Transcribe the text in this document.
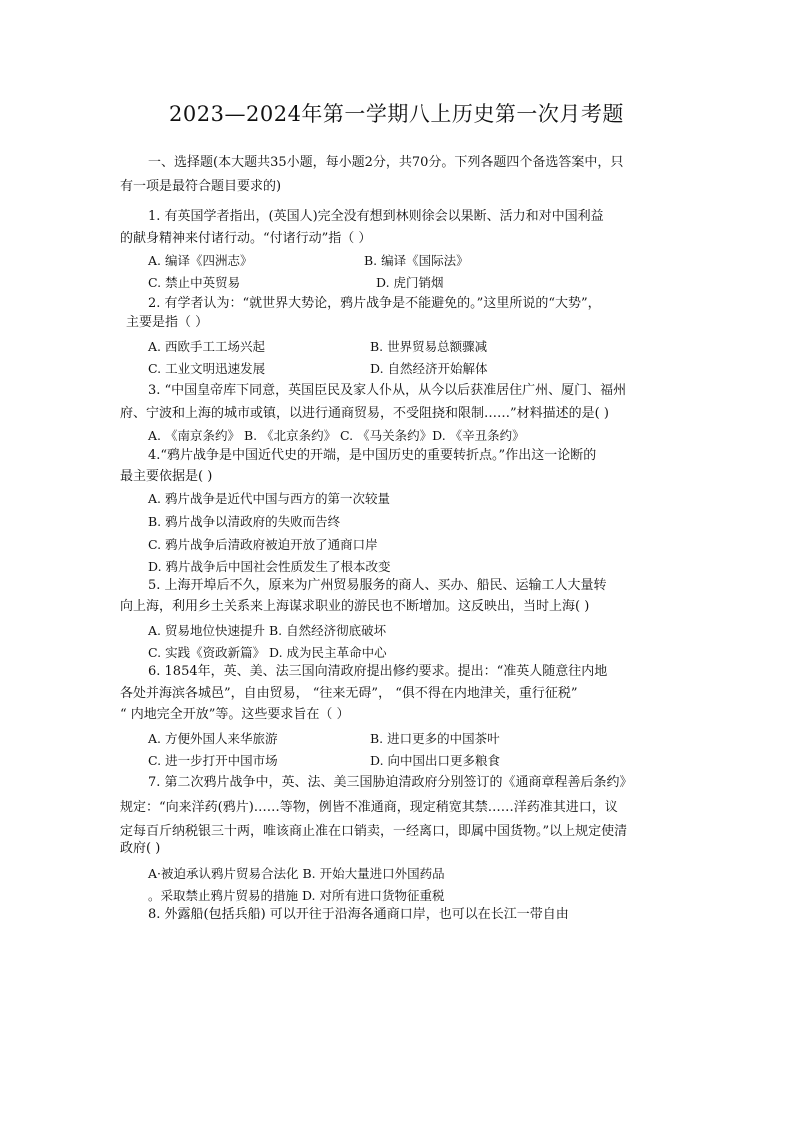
2023—2024年第一学期八上历史第一次月考题
一、选择题(本大题共35小题，每小题2分，共70分。下列各题四个备选答案中，只
有一项是最符合题目要求的)
1. 有英国学者指出，(英国人)完全没有想到林则徐会以果断、活力和对中国利益
的献身精神来付诸行动。“付诸行动”指（ ）
A. 编译《四洲志》	B. 编译《国际法》
C. 禁止中英贸易	D. 虎门销烟
2. 有学者认为：“就世界大势论，鸦片战争是不能避免的。”这里所说的“大势”，
主要是指（ ）
A. 西欧手工工场兴起	B. 世界贸易总额骤减
C. 工业文明迅速发展	D. 自然经济开始解体
3. “中国皇帝库下同意，英国臣民及家人仆从，从今以后获准居住广州、厦门、福州
府、宁波和上海的城市或镇，以进行通商贸易，不受阻挠和限制……”材料描述的是( )
A. 《南京条约》 B. 《北京条约》 C. 《马关条约》D. 《辛丑条约》
4.“鸦片战争是中国近代史的开端，是中国历史的重要转折点。”作出这一论断的
最主要依据是( )
A. 鸦片战争是近代中国与西方的第一次较量
B. 鸦片战争以清政府的失败而告终
C. 鸦片战争后清政府被迫开放了通商口岸
D. 鸦片战争后中国社会性质发生了根本改变
5. 上海开埠后不久，原来为广州贸易服务的商人、买办、船民、运输工人大量转
向上海，利用乡土关系来上海谋求职业的游民也不断增加。这反映出，当时上海( )
A. 贸易地位快速提升 B. 自然经济彻底破坏
C. 实践《资政新篇》 D. 成为民主革命中心
6. 1854年，英、美、法三国向清政府提出修约要求。提出：“准英人随意往内地
各处并海滨各城邑”，自由贸易， “往来无碍”， “俱不得在内地津关，重行征税”
“ 内地完全开放”等。这些要求旨在（ ）
A. 方便外国人来华旅游	B. 进口更多的中国茶叶
C. 进一步打开中国市场	D. 向中国出口更多粮食
7. 第二次鸦片战争中，英、法、美三国胁迫清政府分别签订的《通商章程善后条约》
规定：“向来洋药(鸦片)……等物，例皆不准通商，现定稍宽其禁……洋药准其进口，议
定每百斤纳税银三十两，唯该商止准在口销卖，一经离口，即属中国货物。”以上规定使清
政府( )
A·被迫承认鸦片贸易合法化 B. 开始大量进口外国药品
。采取禁止鸦片贸易的措施 D. 对所有进口货物征重税
8. 外露船(包括兵船) 可以开往于沿海各通商口岸，也可以在长江一带自由
